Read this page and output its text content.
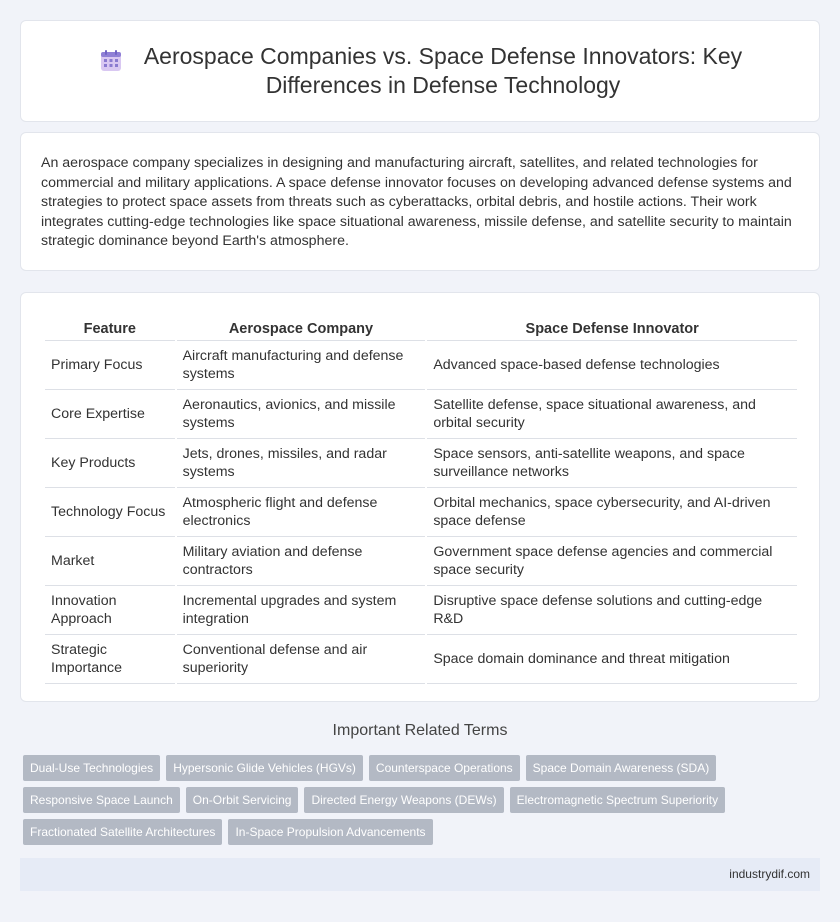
Aerospace Companies vs. Space Defense Innovators: Key
Differences in Defense Technology

An aerospace company specializes in designing and manufacturing aircraft, satellites, and related technologies for commercial and military applications. A space defense innovator focuses on developing advanced defense systems and strategies to protect space assets from threats such as cyberattacks, orbital debris, and hostile actions. Their work integrates cutting-edge technologies like space situational awareness, missile defense, and satellite security to maintain strategic dominance beyond Earth's atmosphere.

Feature	Aerospace Company	Space Defense Innovator
Primary Focus	Aircraft manufacturing and defense systems	Advanced space-based defense technologies
Core Expertise	Aeronautics, avionics, and missile systems	Satellite defense, space situational awareness, and orbital security
Key Products	Jets, drones, missiles, and radar systems	Space sensors, anti-satellite weapons, and space surveillance networks
Technology Focus	Atmospheric flight and defense electronics	Orbital mechanics, space cybersecurity, and AI-driven space defense
Market	Military aviation and defense contractors	Government space defense agencies and commercial space security
Innovation Approach	Incremental upgrades and system integration	Disruptive space defense solutions and cutting-edge R&D
Strategic Importance	Conventional defense and air superiority	Space domain dominance and threat mitigation
Important Related Terms
Dual-Use Technologies Hypersonic Glide Vehicles (HGVs) Counterspace Operations Space Domain Awareness (SDA)
Responsive Space Launch On-Orbit Servicing Directed Energy Weapons (DEWs) Electromagnetic Spectrum Superiority
Fractionated Satellite Architectures In-Space Propulsion Advancements
industrydif.com
